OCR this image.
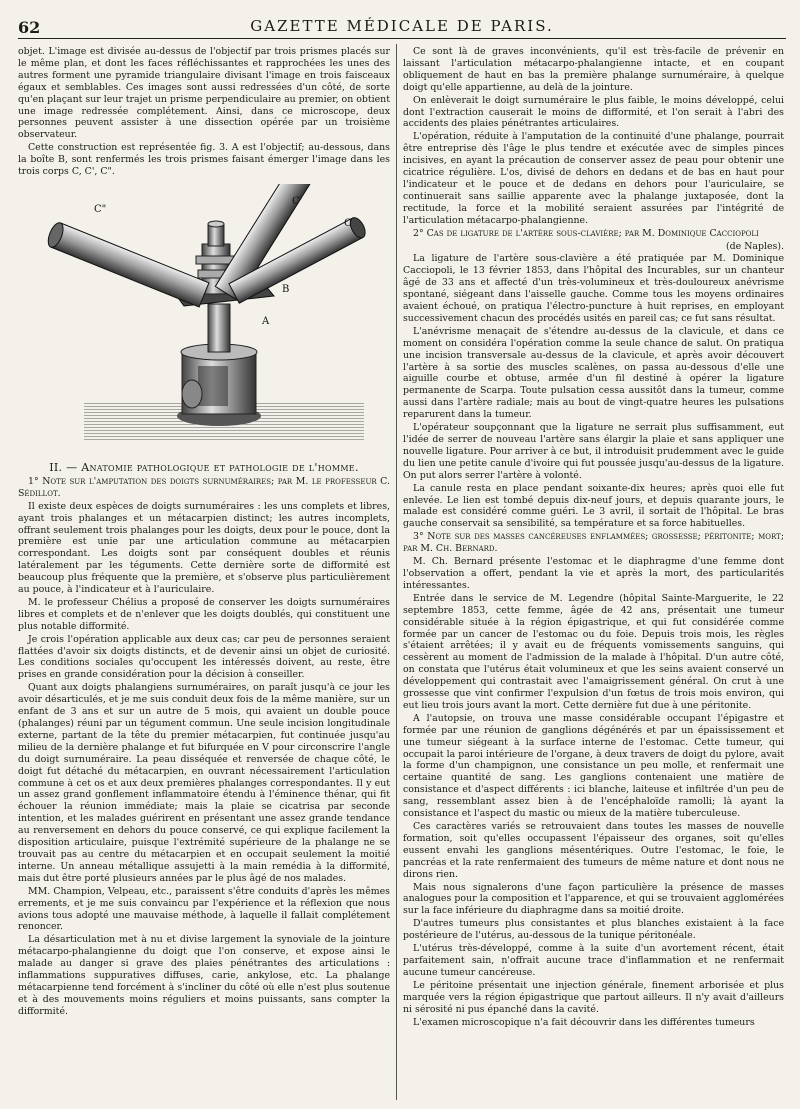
62	GAZETTE MÉDICALE DE PARIS.

objet. L'image est divisée au-dessus de l'objectif par trois prismes placés sur le même plan, et dont les faces réfléchissantes et rapprochées les unes des autres forment une pyramide triangulaire divisant l'image en trois faisceaux égaux et semblables. Ces images sont aussi redressées d'un côté, de sorte qu'en plaçant sur leur trajet un prisme perpendiculaire au premier, on obtient une image redressée complétement. Ainsi, dans ce microscope, deux personnes peuvent assister à une dissection opérée par un troisième observateur.

Cette construction est représentée fig. 3. A est l'objectif; au-dessous, dans la boîte B, sont renfermés les trois prismes faisant émerger l'image dans les trois corps C, C', C".

C"
C'
C
A
B
II. — Anatomie pathologique et pathologie de l'homme.

1° Note sur l'amputation des doigts surnuméraires; par M. le professeur C. Sédillot.

Il existe deux espèces de doigts surnuméraires : les uns complets et libres, ayant trois phalanges et un métacarpien distinct; les autres incomplets, offrant seulement trois phalanges pour les doigts, deux pour le pouce, dont la première est unie par une articulation commune au métacarpien correspondant. Les doigts sont par conséquent doubles et réunis latéralement par les téguments. Cette dernière sorte de difformité est beaucoup plus fréquente que la première, et s'observe plus particulièrement au pouce, à l'indicateur et à l'auriculaire.

M. le professeur Chélius a proposé de conserver les doigts surnuméraires libres et complets et de n'enlever que les doigts doublés, qui constituent une plus notable difformité.

Je crois l'opération applicable aux deux cas; car peu de personnes seraient flattées d'avoir six doigts distincts, et de devenir ainsi un objet de curiosité. Les conditions sociales qu'occupent les intéressés doivent, au reste, être prises en grande considération pour la décision à conseiller.

Quant aux doigts phalangiens surnuméraires, on paraît jusqu'à ce jour les avoir désarticulés, et je me suis conduit deux fois de la même manière, sur un enfant de 3 ans et sur un autre de 5 mois, qui avaient un double pouce (phalanges) réuni par un tégument commun. Une seule incision longitudinale externe, partant de la tête du premier métacarpien, fut continuée jusqu'au milieu de la dernière phalange et fut bifurquée en V pour circonscrire l'angle du doigt surnuméraire. La peau disséquée et renversée de chaque côté, le doigt fut détaché du métacarpien, en ouvrant nécessairement l'articulation commune à cet os et aux deux premières phalanges correspondantes. Il y eut un assez grand gonflement inflammatoire étendu à l'éminence thénar, qui fit échouer la réunion immédiate; mais la plaie se cicatrisa par seconde intention, et les malades guérirent en présentant une assez grande tendance au renversement en dehors du pouce conservé, ce qui explique facilement la disposition articulaire, puisque l'extrémité supérieure de la phalange ne se trouvait pas au centre du métacarpien et en occupait seulement la moitié interne. Un anneau métallique assujetti à la main remédia à la difformité, mais dut être porté plusieurs années par le plus âgé de nos malades.

MM. Champion, Velpeau, etc., paraissent s'être conduits d'après les mêmes errements, et je me suis convaincu par l'expérience et la réflexion que nous avions tous adopté une mauvaise méthode, à laquelle il fallait complétement renoncer.

La désarticulation met à nu et divise largement la synoviale de la jointure métacarpo-phalangienne du doigt que l'on conserve, et expose ainsi le malade au danger si grave des plaies pénétrantes des articulations : inflammations suppuratives diffuses, carie, ankylose, etc. La phalange métacarpienne tend forcément à s'incliner du côté où elle n'est plus soutenue et à des mouvements moins réguliers et moins puissants, sans compter la difformité.

Ce sont là de graves inconvénients, qu'il est très-facile de prévenir en laissant l'articulation métacarpo-phalangienne intacte, et en coupant obliquement de haut en bas la première phalange surnuméraire, à quelque doigt qu'elle appartienne, au delà de la jointure.

On enlèverait le doigt surnuméraire le plus faible, le moins développé, celui dont l'extraction causerait le moins de difformité, et l'on serait à l'abri des accidents des plaies pénétrantes articulaires.

L'opération, réduite à l'amputation de la continuité d'une phalange, pourrait être entreprise dès l'âge le plus tendre et exécutée avec de simples pinces incisives, en ayant la précaution de conserver assez de peau pour obtenir une cicatrice régulière. L'os, divisé de dehors en dedans et de bas en haut pour l'indicateur et le pouce et de dedans en dehors pour l'auriculaire, se continuerait sans saillie apparente avec la phalange juxtaposée, dont la rectitude, la force et la mobilité seraient assurées par l'intégrité de l'articulation métacarpo-phalangienne.

2° Cas de ligature de l'artère sous-clavière; par M. Dominique Cacciopoli

(de Naples).

La ligature de l'artère sous-clavière a été pratiquée par M. Dominique Cacciopoli, le 13 février 1853, dans l'hôpital des Incurables, sur un chanteur âgé de 33 ans et affecté d'un très-volumineux et très-douloureux anévrisme spontané, siégeant dans l'aisselle gauche. Comme tous les moyens ordinaires avaient échoué, on pratiqua l'électro-puncture à huit reprises, en employant successivement chacun des procédés usités en pareil cas; ce fut sans résultat.

L'anévrisme menaçait de s'étendre au-dessus de la clavicule, et dans ce moment on considéra l'opération comme la seule chance de salut. On pratiqua une incision transversale au-dessus de la clavicule, et après avoir découvert l'artère à sa sortie des muscles scalènes, on passa au-dessous d'elle une aiguille courbe et obtuse, armée d'un fil destiné à opérer la ligature permanente de Scarpa. Toute pulsation cessa aussitôt dans la tumeur, comme aussi dans l'artère radiale; mais au bout de vingt-quatre heures les pulsations reparurent dans la tumeur.

L'opérateur soupçonnant que la ligature ne serrait plus suffisamment, eut l'idée de serrer de nouveau l'artère sans élargir la plaie et sans appliquer une nouvelle ligature. Pour arriver à ce but, il introduisit prudemment avec le guide du lien une petite canule d'ivoire qui fut poussée jusqu'au-dessus de la ligature. On put alors serrer l'artère à volonté.

La canule resta en place pendant soixante-dix heures; après quoi elle fut enlevée. Le lien est tombé depuis dix-neuf jours, et depuis quarante jours, le malade est considéré comme guéri. Le 3 avril, il sortait de l'hôpital. Le bras gauche conservait sa sensibilité, sa température et sa force habituelles.

3° Note sur des masses cancéreuses enflammées; grossesse; péritonite; mort; par M. Ch. Bernard.

M. Ch. Bernard présente l'estomac et le diaphragme d'une femme dont l'observation a offert, pendant la vie et après la mort, des particularités intéressantes.

Entrée dans le service de M. Legendre (hôpital Sainte-Marguerite, le 22 septembre 1853, cette femme, âgée de 42 ans, présentait une tumeur considérable située à la région épigastrique, et qui fut considérée comme formée par un cancer de l'estomac ou du foie. Depuis trois mois, les règles s'étaient arrêtées; il y avait eu de fréquents vomissements sanguins, qui cessèrent au moment de l'admission de la malade à l'hôpital. D'un autre côté, on constata que l'utérus était volumineux et que les seins avaient conservé un développement qui contrastait avec l'amaigrissement général. On crut à une grossesse que vint confirmer l'expulsion d'un fœtus de trois mois environ, qui eut lieu trois jours avant la mort. Cette dernière fut due à une péritonite.

A l'autopsie, on trouva une masse considérable occupant l'épigastre et formée par une réunion de ganglions dégénérés et par un épaississement et une tumeur siégeant à la surface interne de l'estomac. Cette tumeur, qui occupait la paroi intérieure de l'organe, à deux travers de doigt du pylore, avait la forme d'un champignon, une consistance un peu molle, et renfermait une certaine quantité de sang. Les ganglions contenaient une matière de consistance et d'aspect différents : ici blanche, laiteuse et infiltrée d'un peu de sang, ressemblant assez bien à de l'encéphaloïde ramolli; là ayant la consistance et l'aspect du mastic ou mieux de la matière tuberculeuse.

Ces caractères variés se retrouvaient dans toutes les masses de nouvelle formation, soit qu'elles occupassent l'épaisseur des organes, soit qu'elles eussent envahi les ganglions mésentériques. Outre l'estomac, le foie, le pancréas et la rate renfermaient des tumeurs de même nature et dont nous ne dirons rien.

Mais nous signalerons d'une façon particulière la présence de masses analogues pour la composition et l'apparence, et qui se trouvaient agglomérées sur la face inférieure du diaphragme dans sa moitié droite.

D'autres tumeurs plus consistantes et plus blanches existaient à la face postérieure de l'utérus, au-dessous de la tunique péritonéale.

L'utérus très-développé, comme à la suite d'un avortement récent, était parfaitement sain, n'offrait aucune trace d'inflammation et ne renfermait aucune tumeur cancéreuse.

Le péritoine présentait une injection générale, finement arborisée et plus marquée vers la région épigastrique que partout ailleurs. Il n'y avait d'ailleurs ni sérosité ni pus épanché dans la cavité.

L'examen microscopique n'a fait découvrir dans les différentes tumeurs
